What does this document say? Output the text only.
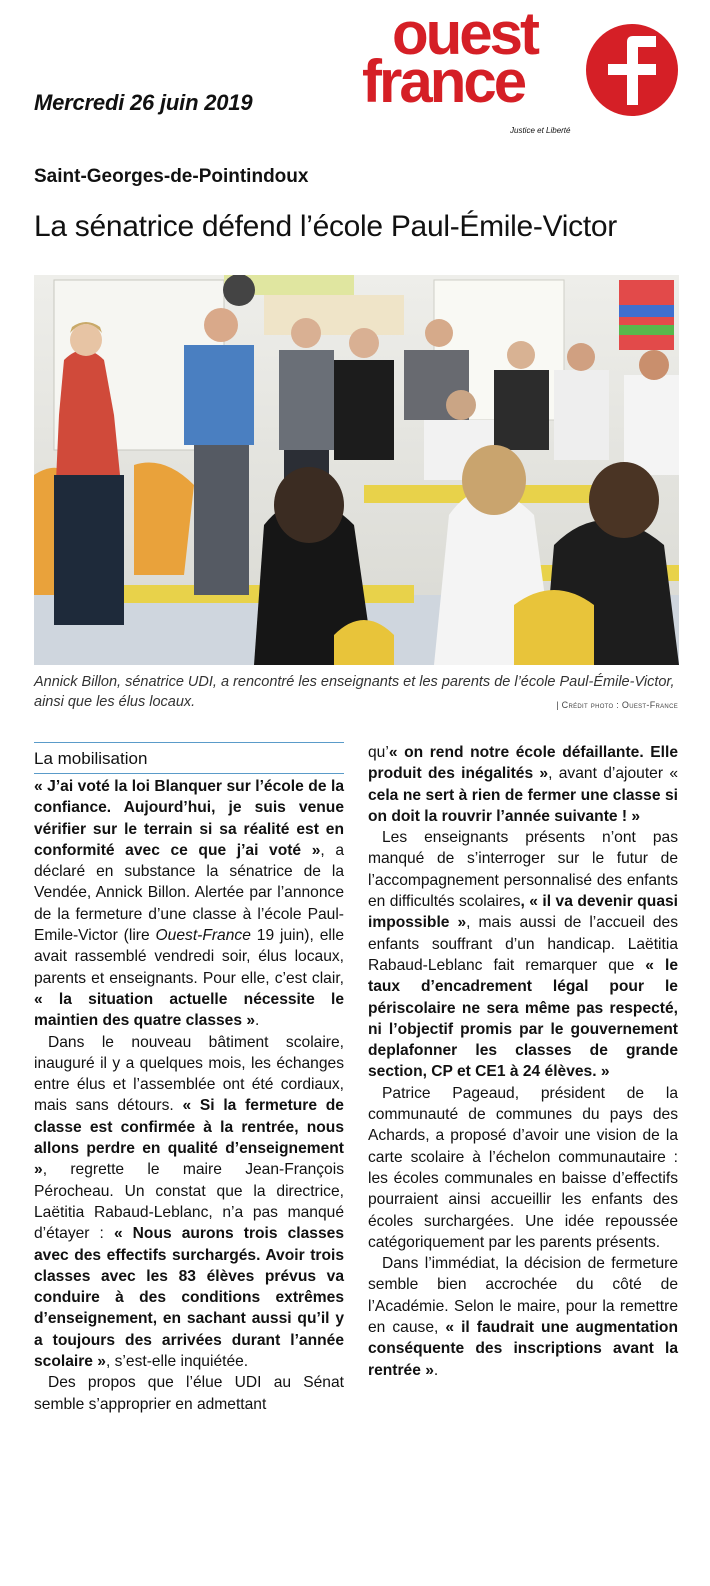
Mercredi 26 juin 2019
ouest
france
Justice et Liberté
Saint-Georges-de-Pointindoux
La sénatrice défend l’école Paul-Émile-Victor
Annick Billon, sénatrice UDI, a rencontré les enseignants et les parents de l’école Paul-Émile-Victor, ainsi que les élus locaux.	| Crédit photo : Ouest-France
La mobilisation

« J’ai voté la loi Blanquer sur l’école de la confiance. Aujourd’hui, je suis venue vérifier sur le terrain si sa réalité est en conformité avec ce que j’ai voté », a déclaré en substance la sénatrice de la Vendée, Annick Billon. Alertée par l’annonce de la fermeture d’une classe à l’école Paul-Emile-Victor (lire Ouest-France 19 juin), elle avait rassemblé vendredi soir, élus locaux, parents et enseignants. Pour elle, c’est clair, « la situation actuelle nécessite le maintien des quatre classes ».

Dans le nouveau bâtiment scolaire, inauguré il y a quelques mois, les échanges entre élus et l’assemblée ont été cordiaux, mais sans détours. « Si la fermeture de classe est confirmée à la rentrée, nous allons perdre en qualité d’enseignement », regrette le maire Jean-François Pérocheau. Un constat que la directrice, Laëtitia Rabaud-Leblanc, n’a pas manqué d’étayer : « Nous aurons trois classes avec des effectifs surchargés. Avoir trois classes avec les 83 élèves prévus va conduire à des conditions extrêmes d’enseignement, en sachant aussi qu’il y a toujours des arrivées durant l’année scolaire », s’est-elle inquiétée.

Des propos que l’élue UDI au Sénat semble s’approprier en admettant

qu’« on rend notre école défaillante. Elle produit des inégalités », avant d’ajouter « cela ne sert à rien de fermer une classe si on doit la rouvrir l’année suivante ! »

Les enseignants présents n’ont pas manqué de s’interroger sur le futur de l’accompagnement personnalisé des enfants en difficultés scolaires, « il va devenir quasi impossible », mais aussi de l’accueil des enfants souffrant d’un handicap. Laëtitia Rabaud-Leblanc fait remarquer que « le taux d’encadrement légal pour le périscolaire ne sera même pas respecté, ni l’objectif promis par le gouvernement deplafonner les classes de grande section, CP et CE1 à 24 élèves. »

Patrice Pageaud, président de la communauté de communes du pays des Achards, a proposé d’avoir une vision de la carte scolaire à l’échelon communautaire : les écoles communales en baisse d’effectifs pourraient ainsi accueillir les enfants des écoles surchargées. Une idée repoussée catégoriquement par les parents présents.

Dans l’immédiat, la décision de fermeture semble bien accrochée du côté de l’Académie. Selon le maire, pour la remettre en cause, « il faudrait une augmentation conséquente des inscriptions avant la rentrée ».
